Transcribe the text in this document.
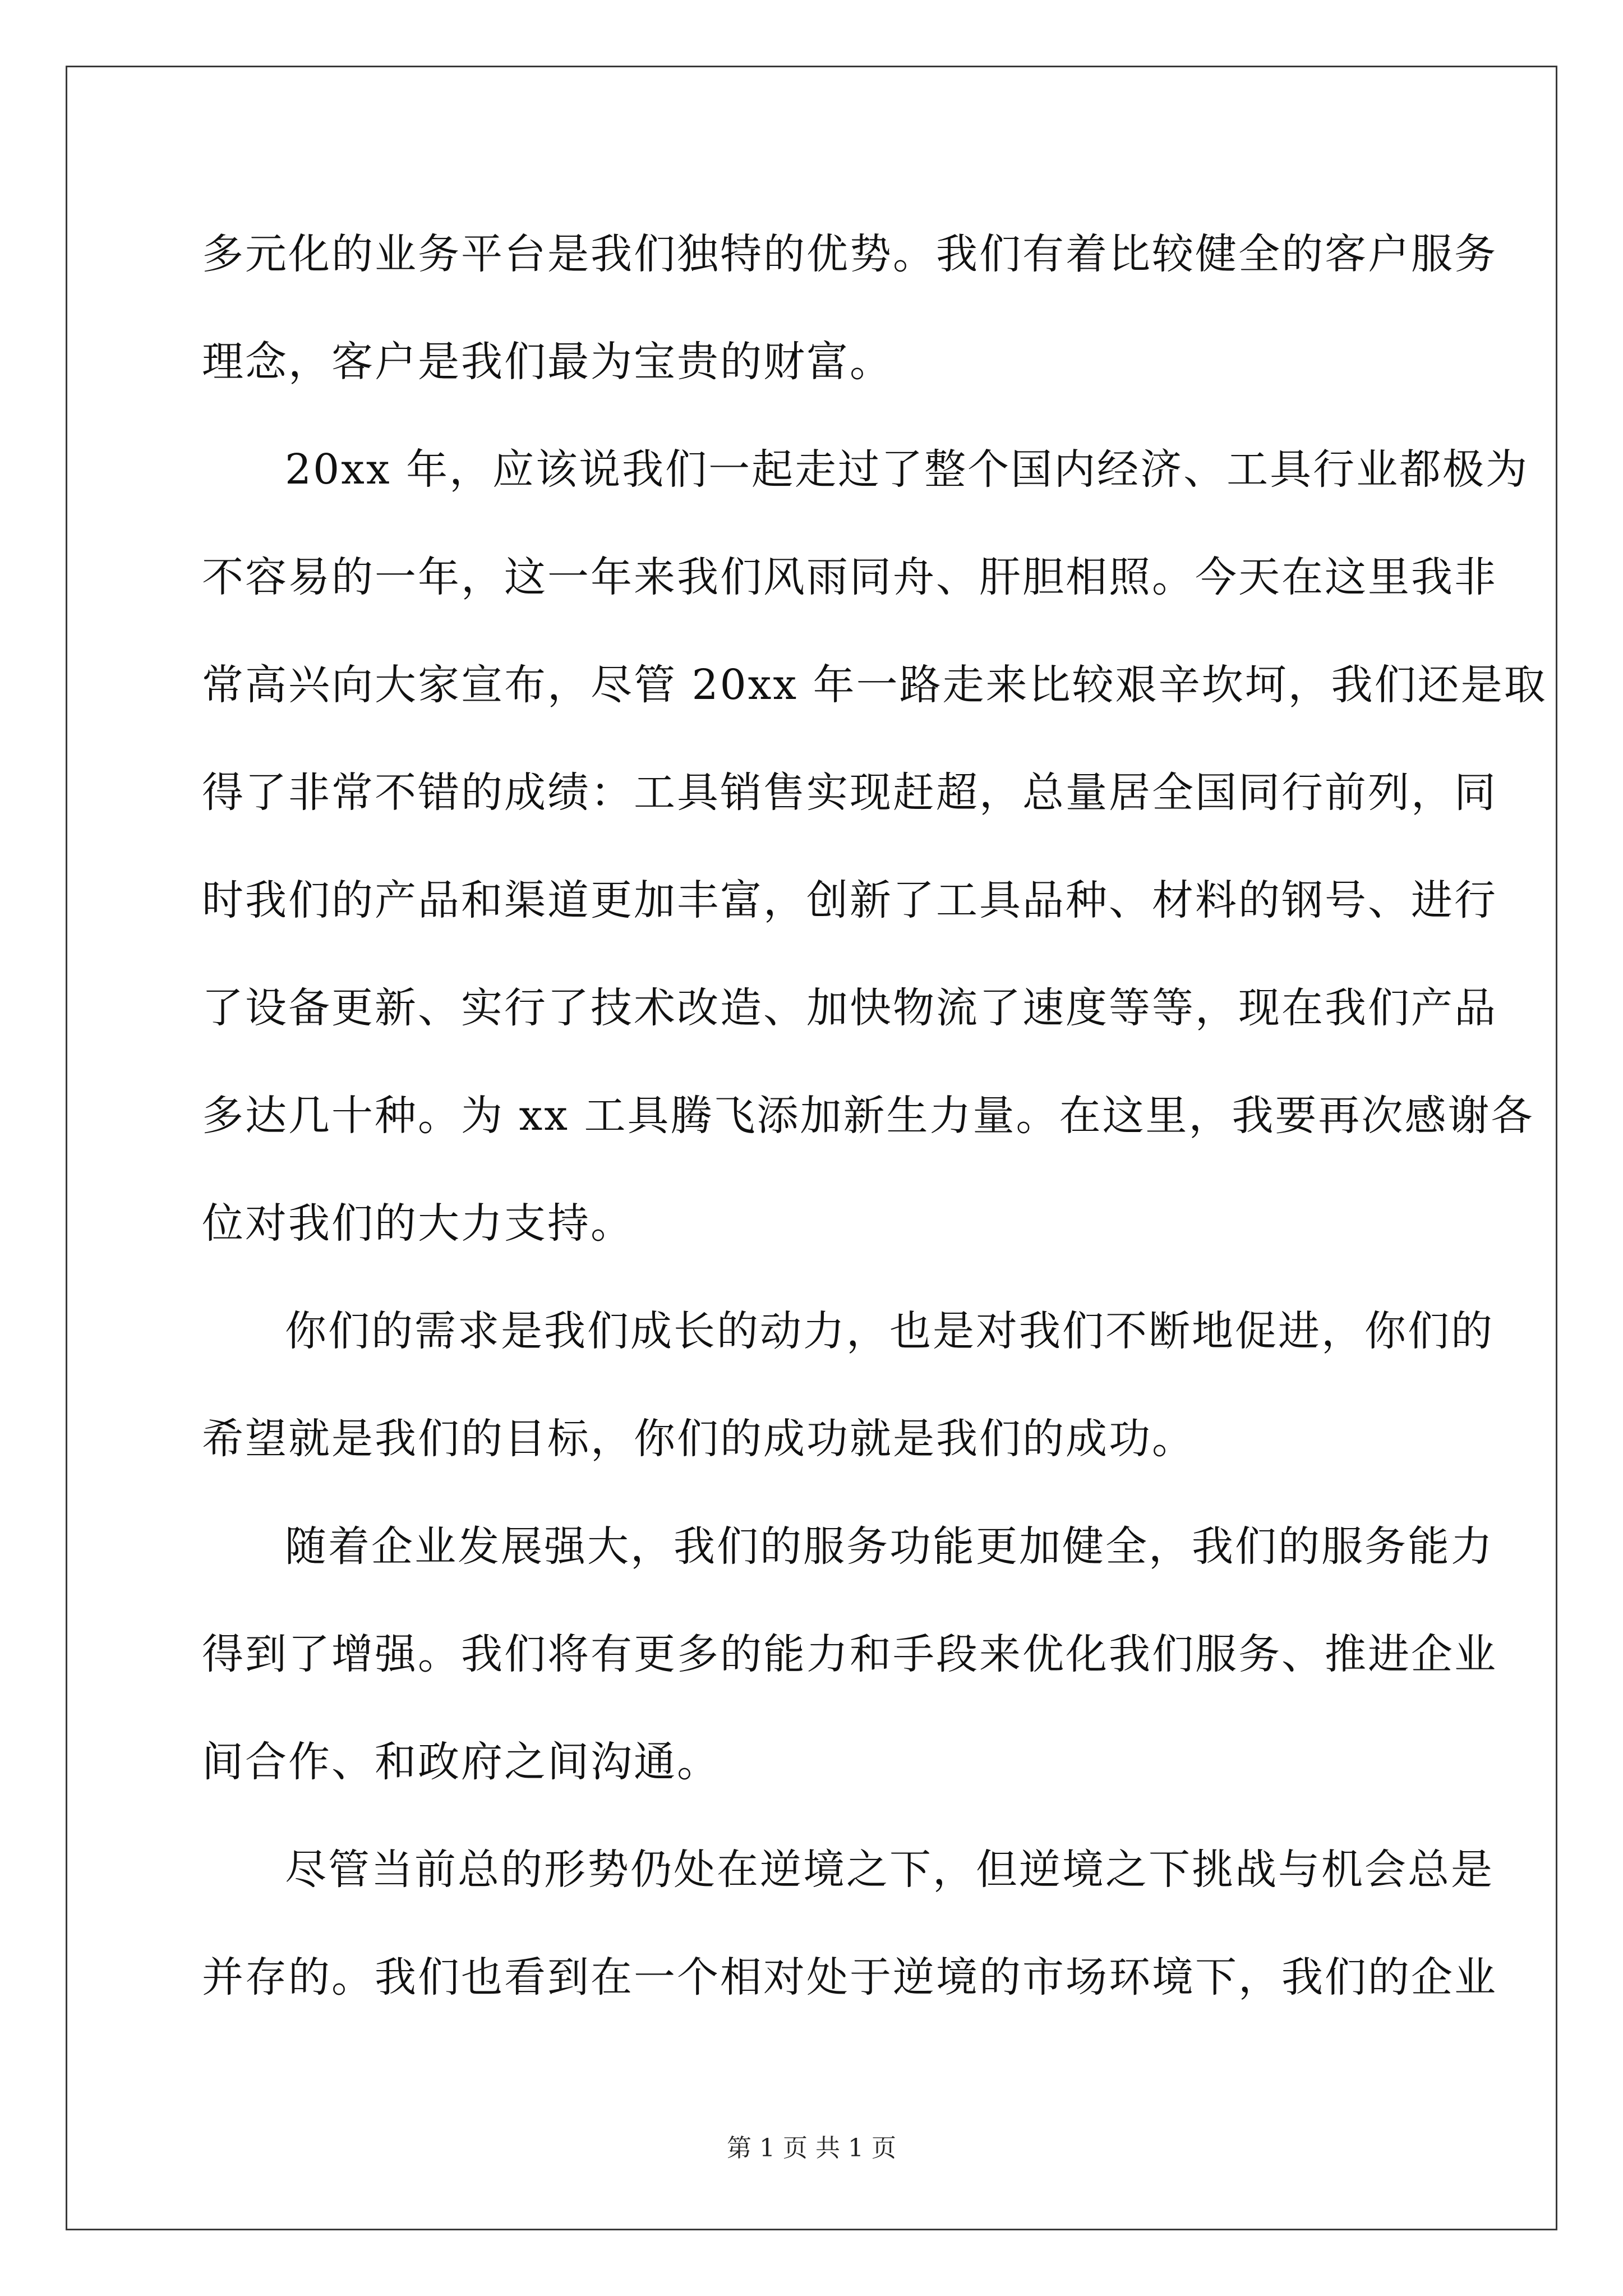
多元化的业务平台是我们独特的优势。我们有着比较健全的客户服务
理念，客户是我们最为宝贵的财富。
20xx 年，应该说我们一起走过了整个国内经济、工具行业都极为
不容易的一年，这一年来我们风雨同舟、肝胆相照。今天在这里我非
常高兴向大家宣布，尽管 20xx 年一路走来比较艰辛坎坷，我们还是取
得了非常不错的成绩：工具销售实现赶超，总量居全国同行前列，同
时我们的产品和渠道更加丰富，创新了工具品种、材料的钢号、进行
了设备更新、实行了技术改造、加快物流了速度等等，现在我们产品
多达几十种。为 xx 工具腾飞添加新生力量。在这里，我要再次感谢各
位对我们的大力支持。
你们的需求是我们成长的动力，也是对我们不断地促进，你们的
希望就是我们的目标，你们的成功就是我们的成功。
随着企业发展强大，我们的服务功能更加健全，我们的服务能力
得到了增强。我们将有更多的能力和手段来优化我们服务、推进企业
间合作、和政府之间沟通。
尽管当前总的形势仍处在逆境之下，但逆境之下挑战与机会总是
并存的。我们也看到在一个相对处于逆境的市场环境下，我们的企业
第 1 页 共 1 页
